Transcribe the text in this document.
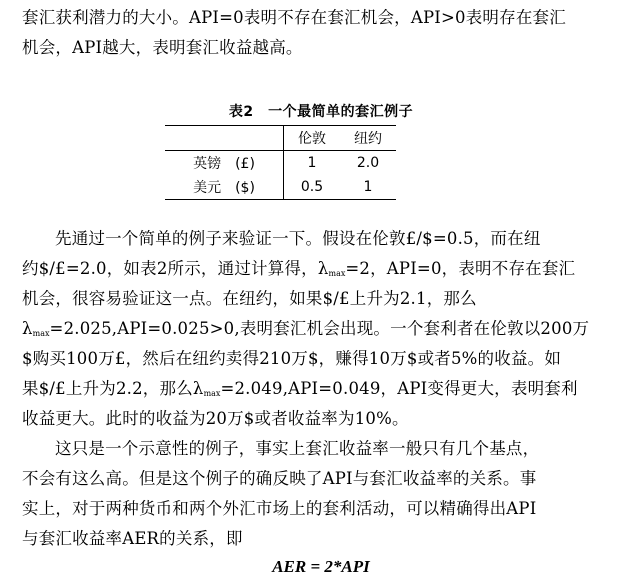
套汇获利潜力的大小。API=0表明不存在套汇机会，API>0表明存在套汇
机会，API越大，表明套汇收益越高。
表2　一个最简单的套汇例子
	伦敦	纽约
英镑　(£)	1	2.0
美元　($)	0.5	1
先通过一个简单的例子来验证一下。假设在伦敦£/$=0.5，而在纽
约$/£=2.0，如表2所示，通过计算得，$\lambda_{max}=2$，API=0，表明不存在套汇
机会，很容易验证这一点。在纽约，如果$/£上升为2.1，那么
$\lambda_{max}=2.025,API=0.025>0$,表明套汇机会出现。一个套利者在伦敦以200万
$购买100万£，然后在纽约卖得210万$，赚得10万$或者5%的收益。如
果$/£上升为2.2，那么$\lambda_{max}=2.049,API=0.049$，API变得更大，表明套利
收益更大。此时的收益为20万$或者收益率为10%。
这只是一个示意性的例子，事实上套汇收益率一般只有几个基点，
不会有这么高。但是这个例子的确反映了API与套汇收益率的关系。事
实上，对于两种货币和两个外汇市场上的套利活动，可以精确得出API
与套汇收益率AER的关系，即
AER = 2*API
